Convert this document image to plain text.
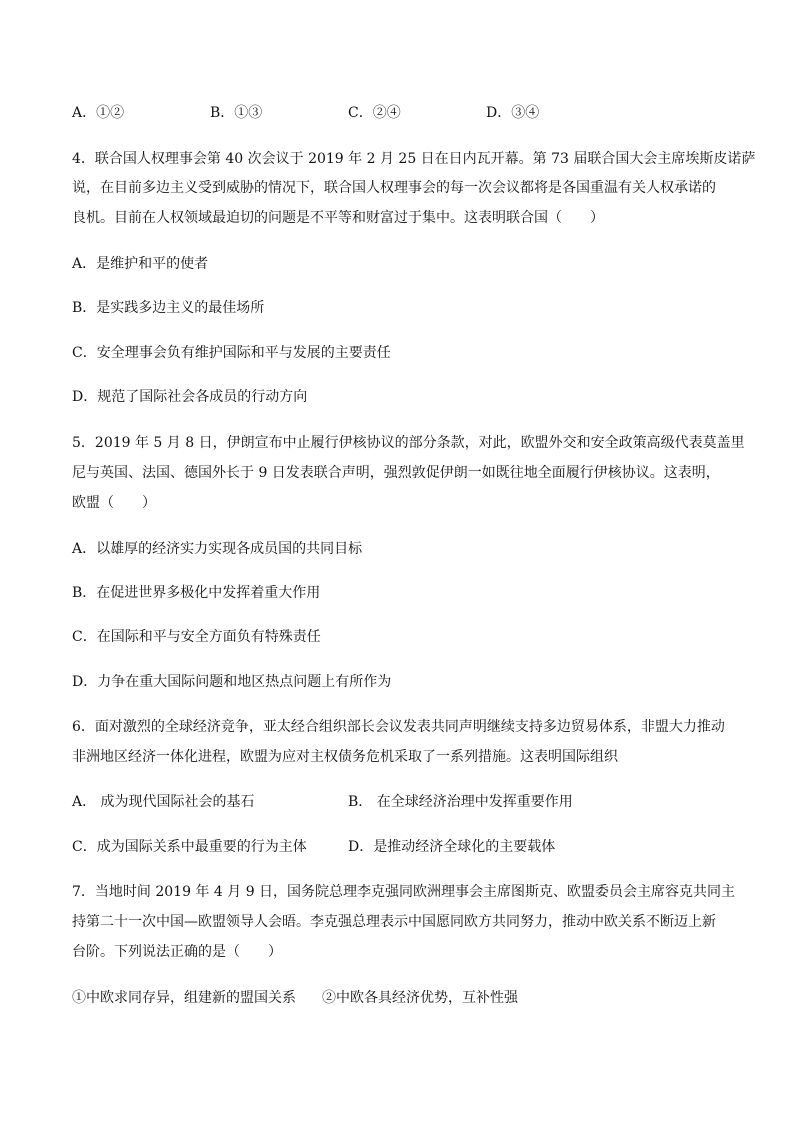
A．①②	B．①③	C．②④	D．③④
4．联合国人权理事会第 40 次会议于 2019 年 2 月 25 日在日内瓦开幕。第 73 届联合国大会主席埃斯皮诺萨
说，在目前多边主义受到威胁的情况下，联合国人权理事会的每一次会议都将是各国重温有关人权承诺的
良机。目前在人权领域最迫切的问题是不平等和财富过于集中。这表明联合国（　　）
A．是维护和平的使者
B．是实践多边主义的最佳场所
C．安全理事会负有维护国际和平与发展的主要责任
D．规范了国际社会各成员的行动方向
5．2019 年 5 月 8 日，伊朗宣布中止履行伊核协议的部分条款，对此，欧盟外交和安全政策高级代表莫盖里
尼与英国、法国、德国外长于 9 日发表联合声明，强烈敦促伊朗一如既往地全面履行伊核协议。这表明，
欧盟（　　）
A．以雄厚的经济实力实现各成员国的共同目标
B．在促进世界多极化中发挥着重大作用
C．在国际和平与安全方面负有特殊责任
D．力争在重大国际问题和地区热点问题上有所作为
6．面对激烈的全球经济竞争，亚太经合组织部长会议发表共同声明继续支持多边贸易体系，非盟大力推动
非洲地区经济一体化进程，欧盟为应对主权债务危机采取了一系列措施。这表明国际组织
A． 成为现代国际社会的基石	B． 在全球经济治理中发挥重要作用
C．成为国际关系中最重要的行为主体	D．是推动经济全球化的主要载体
7．当地时间 2019 年 4 月 9 日，国务院总理李克强同欧洲理事会主席图斯克、欧盟委员会主席容克共同主
持第二十一次中国—欧盟领导人会晤。李克强总理表示中国愿同欧方共同努力，推动中欧关系不断迈上新
台阶。下列说法正确的是（　　）
①中欧求同存异，组建新的盟国关系 ②中欧各具经济优势，互补性强
